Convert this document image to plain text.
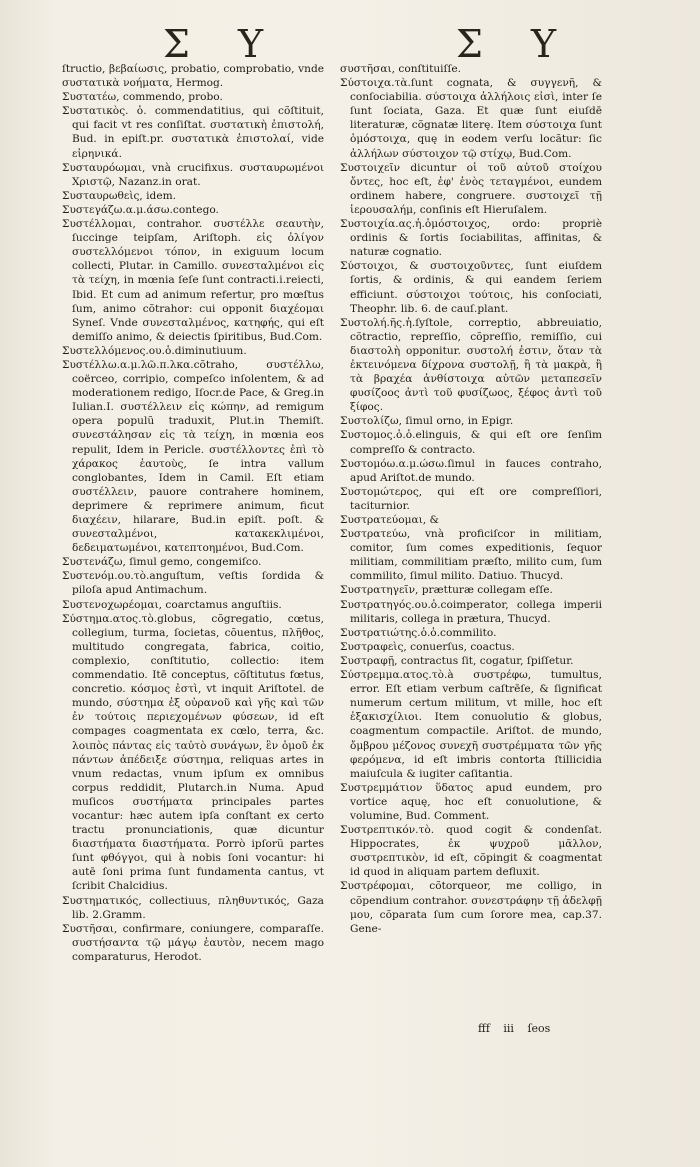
Σ Υ	Σ Υ

ſtructio, βεβαίωσις, probatio, comprobatio, vnde συστατικὰ νοήματα, Hermog.

Συστατέω, commendo, probo.

Συστατικὸς. ὁ. commendatitius, qui cõſtituit, qui facit vt res conſiſtat. συστατικὴ ἐπιστολή, Bud. in epiſt.pr. συστατικὰ ἐπιστολαί, vide εἰρηνικά.

Συσταυρόωμαι, vnà crucifixus. συσταυρωμένοι Χριστῷ, Nazanz.in orat.

Συσταυρωθεὶς, idem.

Συστεγάζω.α.μ.άσω.contego.

Συστέλλομαι, contrahor. συστέλλε σεαυτὴν, ſuccinge teipſam, Ariſtoph. εἰς ὀλίγον συστελλόμενοι τόπον, in exiguum locum collecti, Plutar. in Camillo. συνεσταλμένοι εἰς τὰ τείχη, in mœnia ſeſe ſunt contracti.i.reiecti, Ibid. Et cum ad animum refertur, pro mœſtus ſum, animo cõtrahor: cui opponit διαχέομαι Syneſ. Vnde συνεσταλμένος, κατηφής, qui eſt demiſſo animo, & deiectis ſpiritibus, Bud.Com.

Συστελλόμενος.ου.ὁ.diminutiuum.

Συστέλλω.α.μ.λῶ.π.λκα.cõtraho, συστέλλω, coërceo, corripio, compeſco inſolentem, & ad moderationem redigo, Iſocr.de Pace, & Greg.in Iulian.I. συστέλλειν εἰς κώπην, ad remigum opera populũ traduxit, Plut.in Themiſt. συνεστάλησαν εἰς τὰ τείχη, in mœnia eos repulit, Idem in Pericle. συστέλλοντες ἐπὶ τὸ χάρακος ἑαυτοὺς, ſe intra vallum conglobantes, Idem in Camil. Eſt etiam συστέλλειν, pauore contrahere hominem, deprimere & reprimere animum, ficut διαχέειν, hilarare, Bud.in epiſt. poſt. & συνεσταλμένοι, κατακεκλιμένοι, δεδειματωμένοι, κατεπτοημένοι, Bud.Com.

Συστενάζω, ſimul gemo, congemiſco.

Συστενόμ.ου.τὸ.anguſtum, veſtis ſordida & piloſa apud Antimachum.

Συστενοχωρέομαι, coarctamus anguſtiis.

Σύστημα.ατος.τὸ.globus, cõgregatio, cœtus, collegium, turma, ſocietas, cõuentus, πλῆθος, multitudo congregata, fabrica, coitio, complexio, conſtitutio, collectio: item commendatio. Itē conceptus, cõſtitutus fœtus, concretio. κόσμος ἐστὶ, vt inquit Ariſtotel. de mundo, σύστημα ἐξ οὐρανοῦ καὶ γῆς καὶ τῶν ἐν τούτοις περιεχομένων φύσεων, id eſt compages coagmentata ex cœlo, terra, &c. λοιπὸς πάντας εἰς ταὐτὸ συνάγων, ἓν ὁμοῦ ἐκ πάντων ἀπέδειξε σύστημα, reliquas artes in vnum redactas, vnum ipſum ex omnibus corpus reddidit, Plutarch.in Numa. Apud muſicos συστήματα principales partes vocantur: hæc autem ipſa conſtant ex certo tractu pronunciationis, quæ dicuntur διαστήματα διαστήματα. Porrò ipſorũ partes ſunt φθόγγοι, qui à nobis ſoni vocantur: hi autē ſoni prima ſunt fundamenta cantus, vt ſcribit Chalcidius.

Συστηματικός, collectiuus, πληθυντικός, Gaza lib. 2.Gramm.

Συστῆσαι, confirmare, coniungere, comparaſſe. συστήσαντα τῷ μάγῳ ἑαυτὸν, necem mago comparaturus, Herodot.

συστῆσαι, conſtituiſſe.

Σύστοιχα.τὰ.ſunt cognata, & συγγενῆ, & conſociabilia. σύστοιχα ἀλλήλοις εἰσὶ, inter ſe ſunt ſociata, Gaza. Et quæ ſunt eiuſdē literaturæ, cõgnatæ literę. Item σύστοιχα ſunt ὁμόστοιχα, quę in eodem verſu locãtur: ſic ἀλλήλων σύστοιχον τῷ στίχῳ, Bud.Com.

Συστοιχεῖν dicuntur οἱ τοῦ αὐτοῦ στοίχου ὄντες, hoc eſt, ἐφ' ἑνὸς τεταγμένοι, eundem ordinem habere, congruere. συστοιχεῖ τῇ ἱερουσαλήμ, conſinis eſt Hieruſalem.

Συστοιχία.ας.ἡ.ὁμόστοιχος, ordo: propriè ordinis & ſortis ſociabilitas, affinitas, & naturæ cognatio.

Σύστοιχοι, & συστοιχοῦντες, ſunt eiuſdem ſortis, & ordinis, & qui eandem ſeriem efficiunt. σύστοιχοι τούτοις, his conſociati, Theophr. lib. 6. de cauſ.plant.

Συστολή.ῆς.ἡ.ſyſtole, correptio, abbreuiatio, cõtractio, repreſſio, cõpreſſio, remiſſio, cui διαστολὴ opponitur. συστολή ἐστιν, ὅταν τὰ ἐκτεινόμενα δίχρονα συστολῇ, ἢ τὰ μακρὰ, ἢ τὰ βραχέα ἀνθίστοιχα αὐτῶν μεταπεσεῖν φυσίζοος ἀντὶ τοῦ φυσίζωος, ξέφος ἀντὶ τοῦ ξίφος.

Συστολίζω, ſimul orno, in Epigr.

Συστομος.ὁ.ὁ.elinguis, & qui eſt ore ſenſim compreſſo & contracto.

Συστομόω.α.μ.ώσω.ſimul in fauces contraho, apud Ariſtot.de mundo.

Συστομώτερος, qui eſt ore compreſſiori, taciturnior.

Συστρατεύομαι, &

Συστρατεύω, vnà proficiſcor in militiam, comitor, ſum comes expeditionis, ſequor militiam, commilitiam præſto, milito cum, ſum commilito, ſimul milito. Datiuo. Thucyd.

Συστρατηγεῖν, prætturæ collegam eſſe.

Συστρατηγός.ου.ὁ.coimperator, collega imperii militaris, collega in prætura, Thucyd.

Συστρατιώτης.ὁ.ὁ.commilito.

Συστραφεὶς, conuerſus, coactus.

Συστραφῇ, contractus ſit, cogatur, ſpiſſetur.

Σύστρεμμα.ατος.τὸ.à συστρέφω, tumultus, error. Eſt etiam verbum caſtrēſe, & ſignificat numerum certum militum, vt mille, hoc eſt ἐξακισχίλιοι. Item conuolutio & globus, coagmentum compactile. Ariſtot. de mundo, ὄμβρου μέζονος συνεχῆ συστρέμματα τῶν γῆς φερόμενα, id eſt imbris contorta ſtillicidia maiuſcula & iugiter caſitantia.

Συστρεμμάτιον ὕδατος apud eundem, pro vortice aquę, hoc eſt conuolutione, & volumine, Bud. Comment.

Συστρεπτικόν.τὸ. quod cogit & condenſat. Hippocrates, ἐκ ψυχροῦ μᾶλλον, συστρεπτικὸν, id eſt, cõpingit & coagmentat id quod in aliquam partem defluxit.

Συστρέφομαι, cõtorqueor, me colligo, in cõpendium contrahor. συνεστράφην τῇ ἀδελφῇ μου, cõparata ſum cum ſorore mea, cap.37. Gene-

fff iii ſeos
